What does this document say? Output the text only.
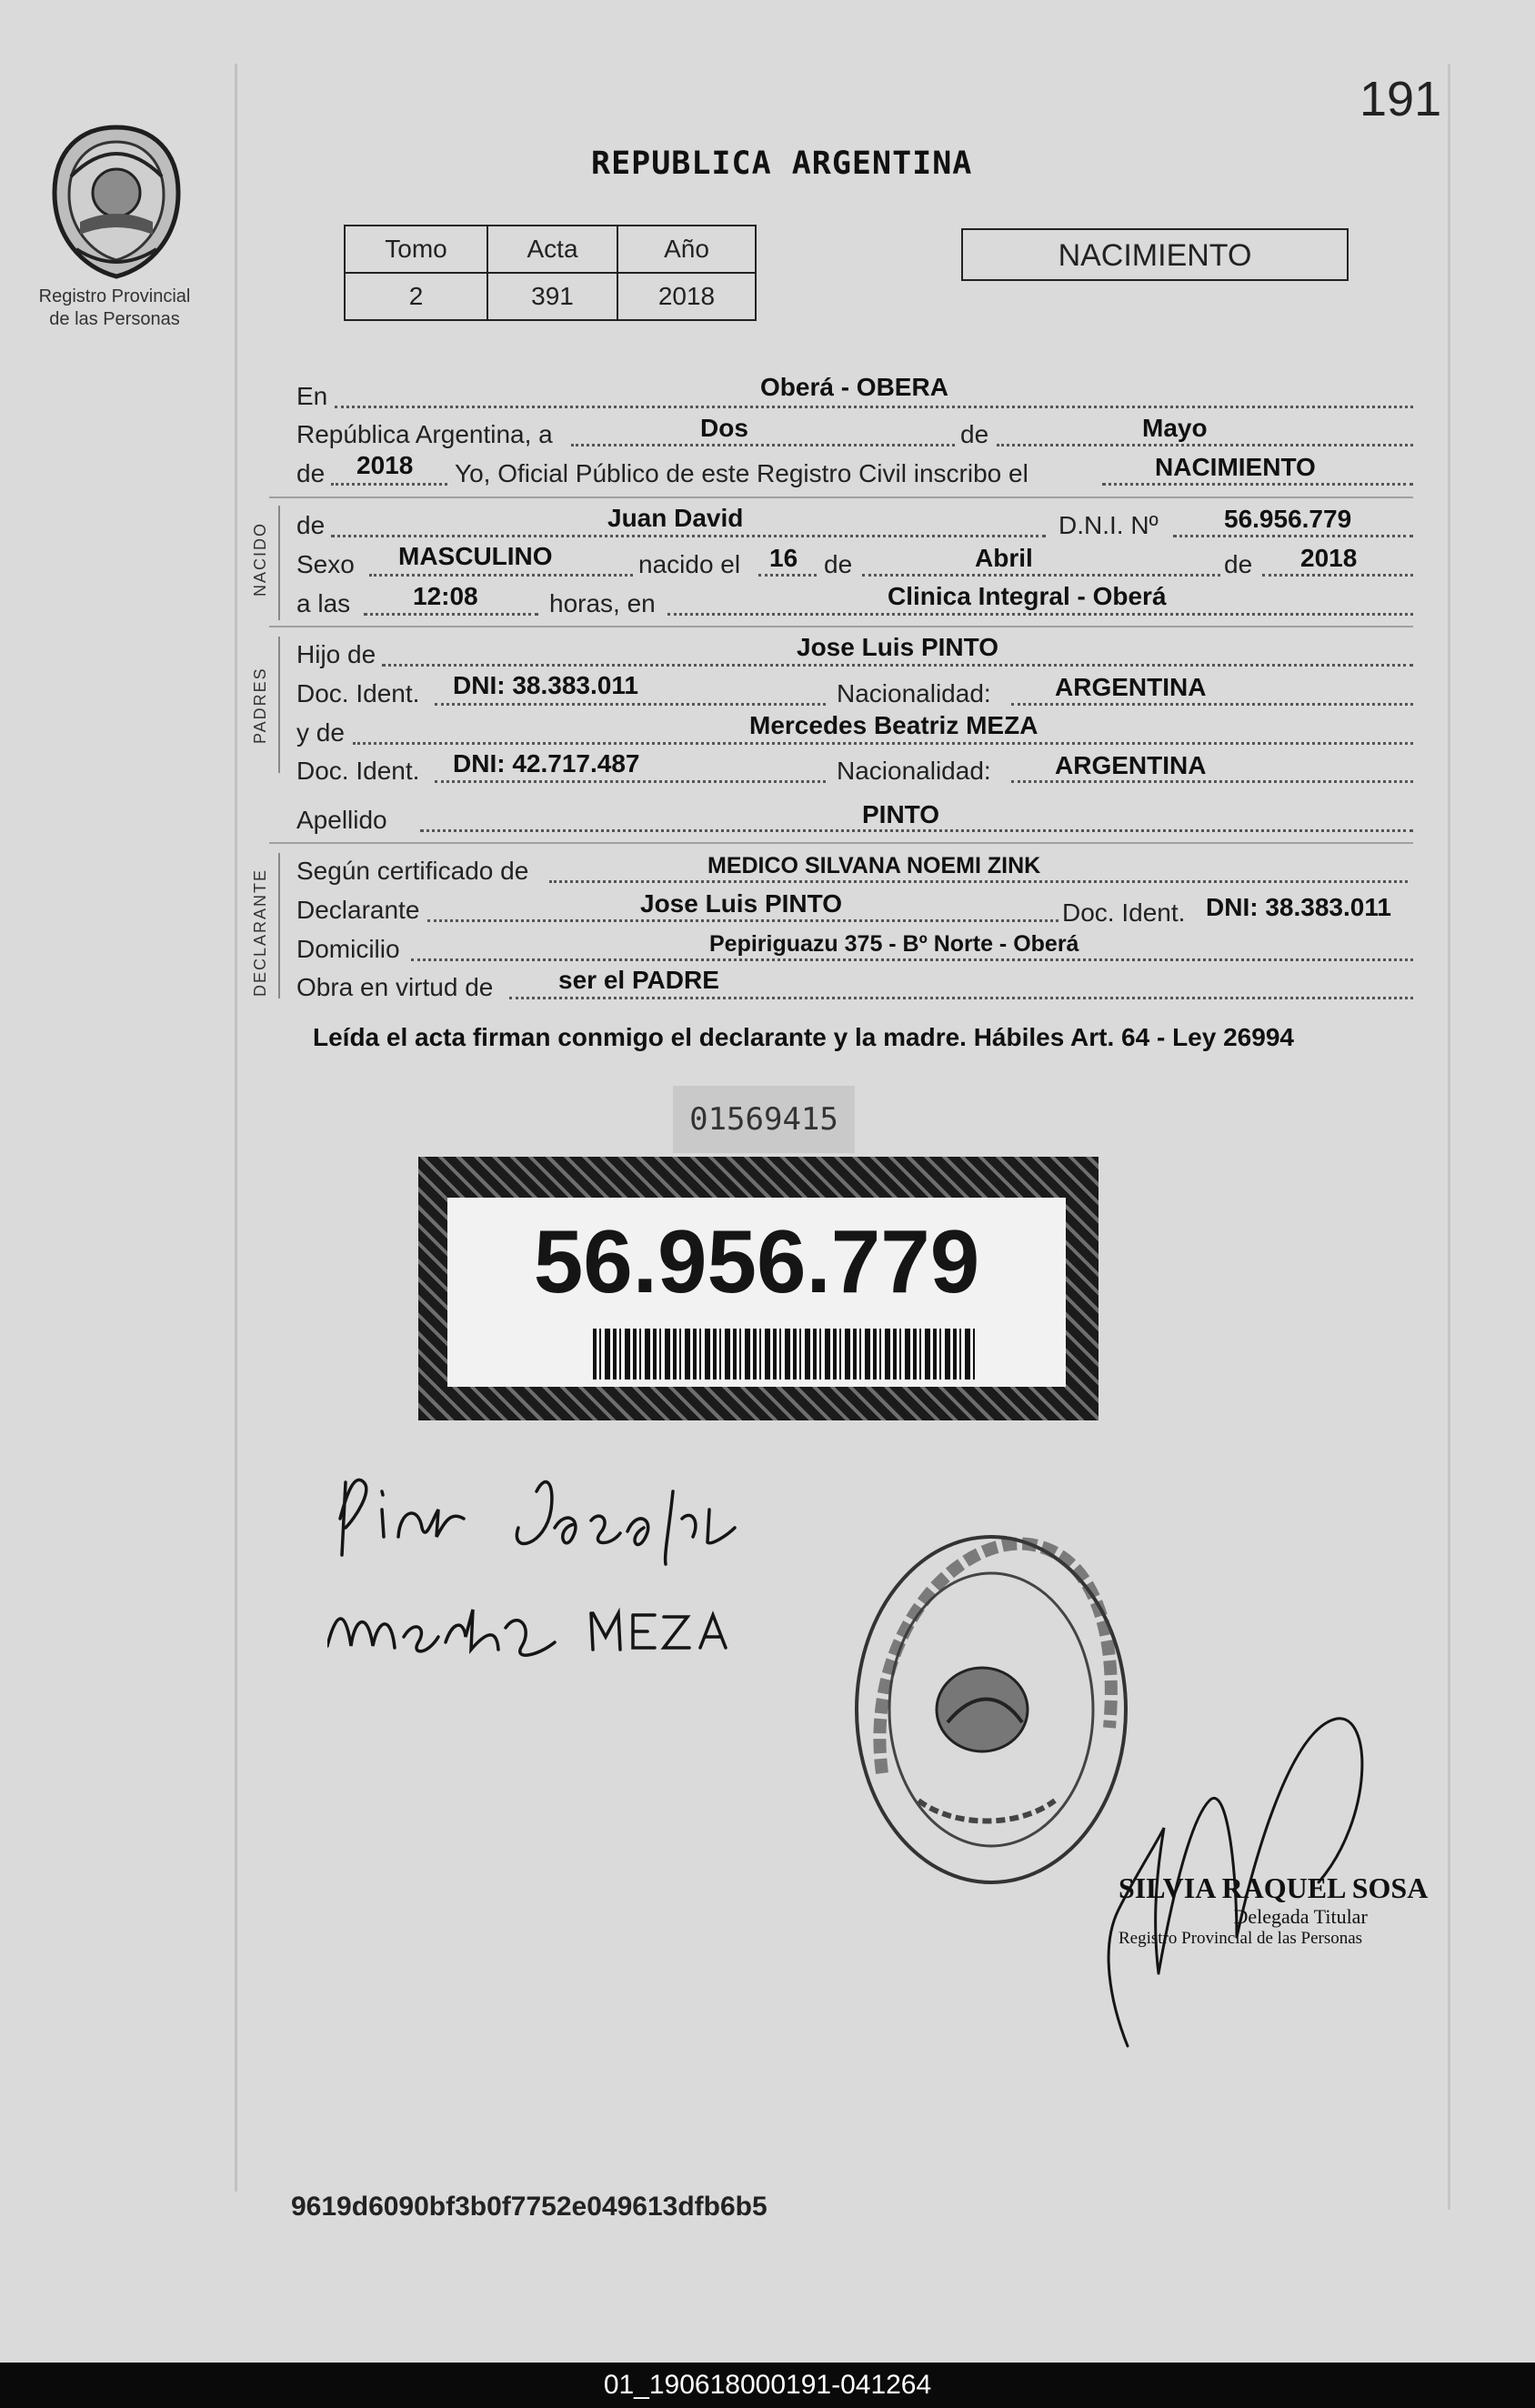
Registro Provincial
de las Personas
191
REPUBLICA ARGENTINA
Tomo	Acta	Año
2	391	2018
NACIMIENTO
En	Oberá - OBERA
República Argentina, a	Dos	de	Mayo
de 2018 Yo, Oficial Público de este Registro Civil inscribo el	NACIMIENTO
NACIDO de	Juan David	D.N.I. Nº	56.956.779
Sexo MASCULINO	nacido el 16 de	Abril	de 2018
a las 12:08	horas, en	Clinica Integral - Oberá
PADRES
Hijo de	Jose Luis PINTO
Doc. Ident. DNI: 38.383.011	Nacionalidad:	ARGENTINA
y de	Mercedes Beatriz MEZA
Doc. Ident. DNI: 42.717.487	Nacionalidad:	ARGENTINA
Apellido	PINTO
DECLARANTE Según certificado de	MEDICO SILVANA NOEMI ZINK
Declarante	Jose Luis PINTO	Doc. Ident. DNI: 38.383.011
Domicilio	Pepiriguazu 375 - Bº Norte - Oberá
Obra en virtud de	ser el PADRE
Leída el acta firman conmigo el declarante y la madre. Hábiles Art. 64 - Ley 26994
01569415
56.956.779
SILVIA RAQUEL SOSA
Delegada Titular
Registro Provincial de las Personas
9619d6090bf3b0f7752e049613dfb6b5
01_190618000191-041264
